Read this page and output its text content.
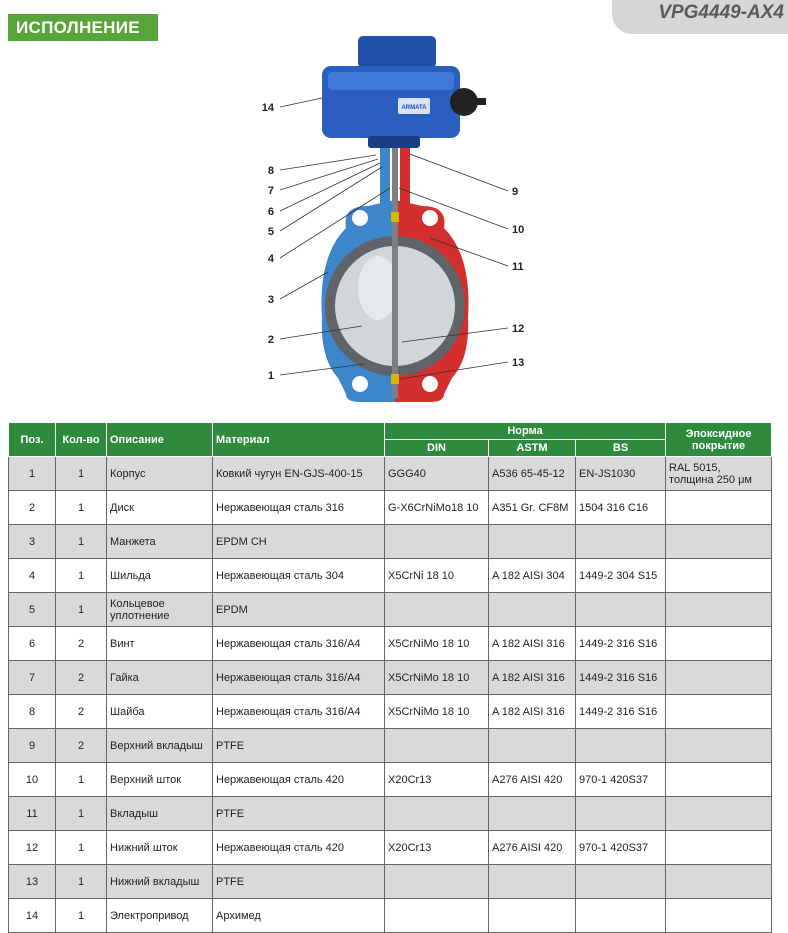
ИСПОЛНЕНИЕ
VPG4449-AX4
ARMATA
14
8
7
6
5
4
3
2
1
9
10
11
12
13
Поз.	Кол-во	Описание	Материал	Норма			Эпоксидное покрытие
				DIN	ASTM	BS	
1	1	Корпус	Ковкий чугун EN-GJS-400-15	GGG40	A536 65-45-12	EN-JS1030	RAL 5015, толщина 250 μм
2	1	Диск	Нержавеющая сталь 316	G-X6CrNiMo18 10	A351 Gr. CF8M	1504 316 C16	
3	1	Манжета	EPDM CH				
4	1	Шильда	Нержавеющая сталь 304	X5CrNi 18 10	A 182 AISI 304	1449-2 304 S15	
5	1	Кольцевое уплотнение	EPDM				
6	2	Винт	Нержавеющая сталь 316/A4	X5CrNiMo 18 10	A 182 AISI 316	1449-2 316 S16	
7	2	Гайка	Нержавеющая сталь 316/A4	X5CrNiMo 18 10	A 182 AISI 316	1449-2 316 S16	
8	2	Шайба	Нержавеющая сталь 316/A4	X5CrNiMo 18 10	A 182 AISI 316	1449-2 316 S16	
9	2	Верхний вкладыш	PTFE				
10	1	Верхний шток	Нержавеющая сталь 420	X20Cr13	A276 AISI 420	970-1 420S37	
11	1	Вкладыш	PTFE				
12	1	Нижний шток	Нержавеющая сталь 420	X20Cr13	A276 AISI 420	970-1 420S37	
13	1	Нижний вкладыш	PTFE				
14	1	Электропривод	Архимед				
